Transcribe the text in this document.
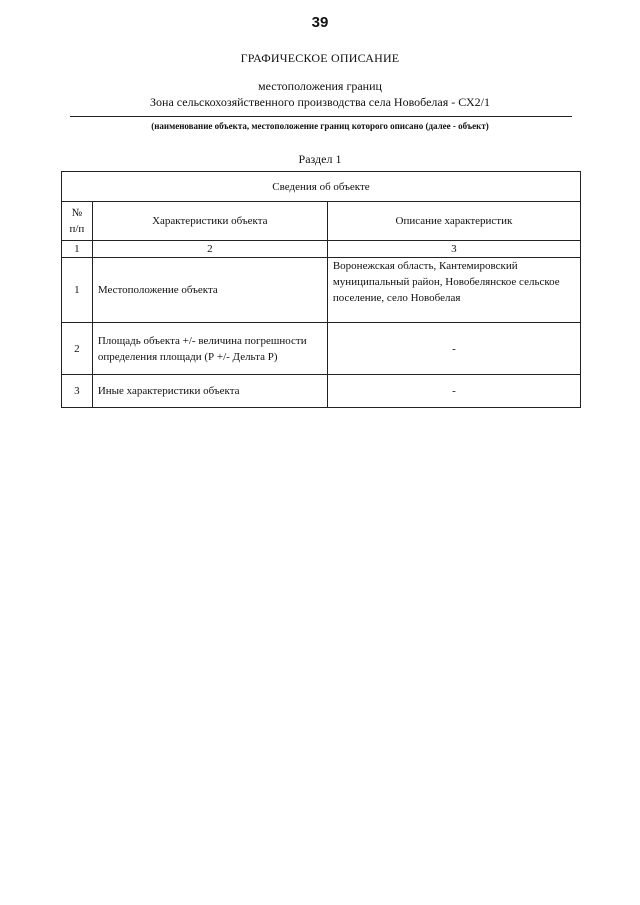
39
ГРАФИЧЕСКОЕ ОПИСАНИЕ
местоположения границ
Зона сельскохозяйственного производства села Новобелая - СХ2/1
(наименование объекта, местоположение границ которого описано (далее - объект)
Раздел 1
Сведения об объекте		
№
п/п	Характеристики объекта	Описание характеристик
1	2	3
1	Местоположение объекта	Воронежская область, Кантемировский муниципальный район, Новобелянское сельское поселение, село Новобелая
2	Площадь объекта +/- величина погрешности определения площади (Р +/- Дельта Р)	-
3	Иные характеристики объекта	-
